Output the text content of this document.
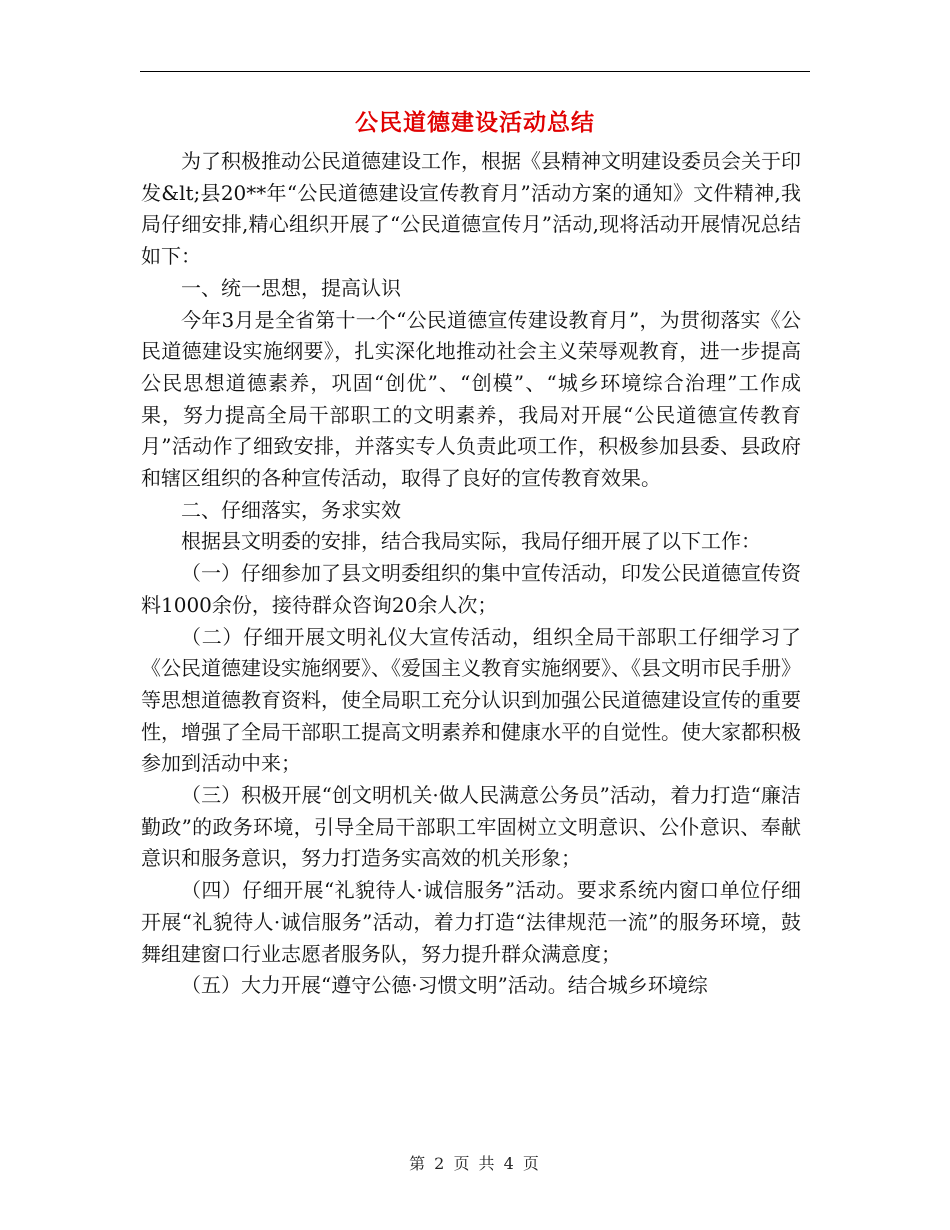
公民道德建设活动总结

为了积极推动公民道德建设工作，根据《县精神文明建设委员会关于印发&lt;县20**年“公民道德建设宣传教育月”活动方案的通知》文件精神,我局仔细安排,精心组织开展了“公民道德宣传月”活动,现将活动开展情况总结如下：

一、统一思想，提高认识

今年3月是全省第十一个“公民道德宣传建设教育月”，为贯彻落实《公民道德建设实施纲要》，扎实深化地推动社会主义荣辱观教育，进一步提高公民思想道德素养，巩固“创优”、“创模”、“城乡环境综合治理”工作成果，努力提高全局干部职工的文明素养，我局对开展“公民道德宣传教育月”活动作了细致安排，并落实专人负责此项工作，积极参加县委、县政府和辖区组织的各种宣传活动，取得了良好的宣传教育效果。

二、仔细落实，务求实效

根据县文明委的安排，结合我局实际，我局仔细开展了以下工作：

（一）仔细参加了县文明委组织的集中宣传活动，印发公民道德宣传资料1000余份，接待群众咨询20余人次；

（二）仔细开展文明礼仪大宣传活动，组织全局干部职工仔细学习了《公民道德建设实施纲要》、《爱国主义教育实施纲要》、《县文明市民手册》等思想道德教育资料，使全局职工充分认识到加强公民道德建设宣传的重要性，增强了全局干部职工提高文明素养和健康水平的自觉性。使大家都积极参加到活动中来；

（三）积极开展“创文明机关·做人民满意公务员”活动，着力打造“廉洁勤政”的政务环境，引导全局干部职工牢固树立文明意识、公仆意识、奉献意识和服务意识，努力打造务实高效的机关形象；

（四）仔细开展“礼貌待人·诚信服务”活动。要求系统内窗口单位仔细开展“礼貌待人·诚信服务”活动，着力打造“法律规范一流”的服务环境，鼓舞组建窗口行业志愿者服务队，努力提升群众满意度；

（五）大力开展“遵守公德·习惯文明”活动。结合城乡环境综

第 2 页 共 4 页
